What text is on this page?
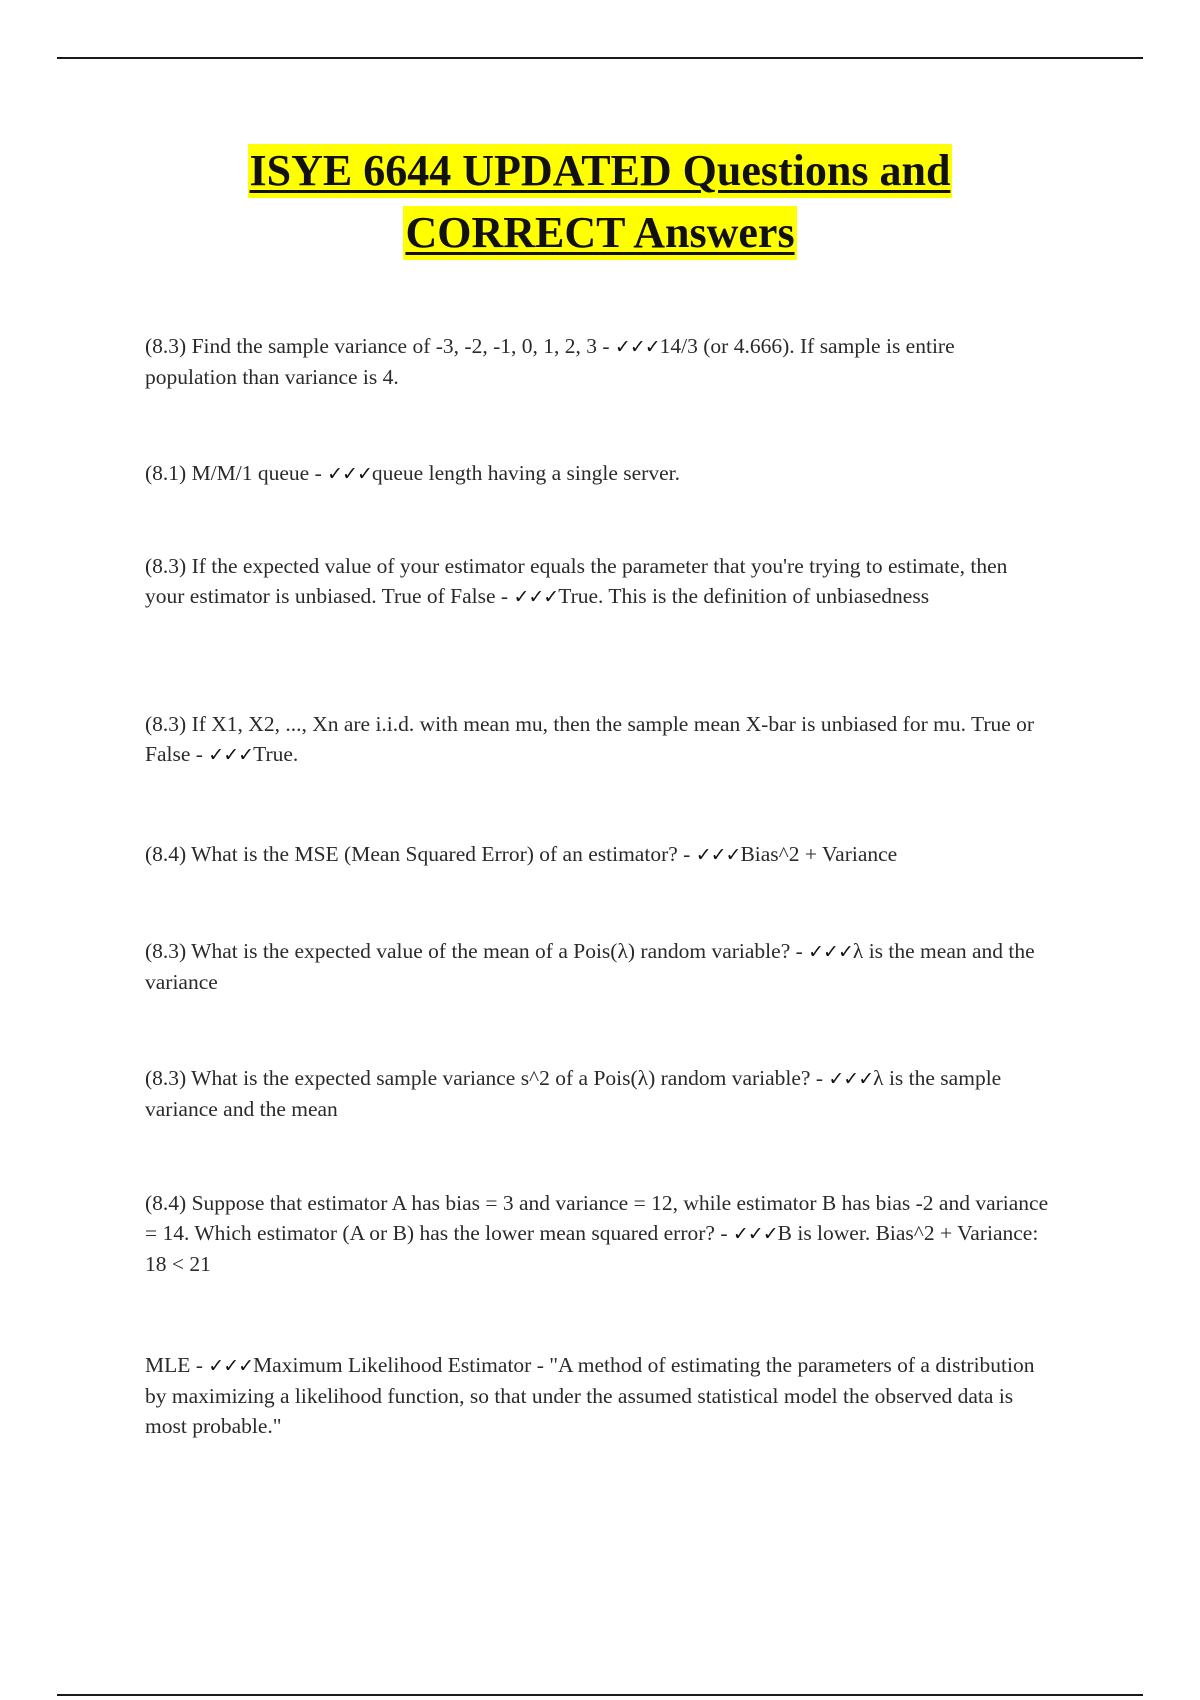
ISYE 6644 UPDATED Questions and
CORRECT Answers
(8.3) Find the sample variance of -3, -2, -1, 0, 1, 2, 3 - ✓✓✓14/3 (or 4.666). If sample is entire population than variance is 4.
(8.1) M/M/1 queue - ✓✓✓queue length having a single server.
(8.3) If the expected value of your estimator equals the parameter that you're trying to estimate, then your estimator is unbiased. True of False - ✓✓✓True. This is the definition of unbiasedness
(8.3) If X1, X2, ..., Xn are i.i.d. with mean mu, then the sample mean X-bar is unbiased for mu. True or False - ✓✓✓True.
(8.4) What is the MSE (Mean Squared Error) of an estimator? - ✓✓✓Bias^2 + Variance
(8.3) What is the expected value of the mean of a Pois(λ) random variable? - ✓✓✓λ is the mean and the variance
(8.3) What is the expected sample variance s^2 of a Pois(λ) random variable? - ✓✓✓λ is the sample variance and the mean
(8.4) Suppose that estimator A has bias = 3 and variance = 12, while estimator B has bias -2 and variance = 14. Which estimator (A or B) has the lower mean squared error? - ✓✓✓B is lower. Bias^2 + Variance: 18 < 21
MLE - ✓✓✓Maximum Likelihood Estimator - "A method of estimating the parameters of a distribution by maximizing a likelihood function, so that under the assumed statistical model the observed data is most probable."
